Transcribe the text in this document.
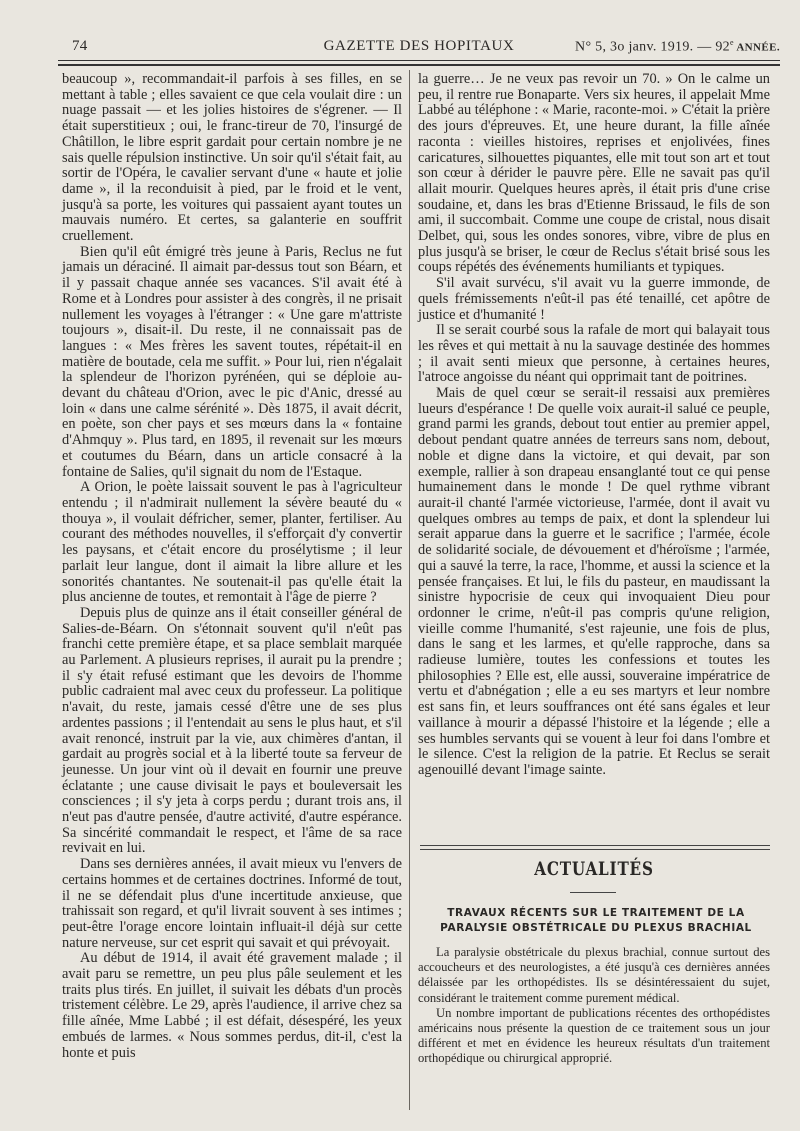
74	GAZETTE DES HOPITAUX	N° 5, 3o janv. 1919. — 92e ANNÉE.

beaucoup », recommandait-il parfois à ses filles, en se mettant à table ; elles savaient ce que cela voulait dire : un nuage passait — et les jolies histoires de s'égrener. — Il était superstitieux ; oui, le franc-tireur de 70, l'insurgé de Châtillon, le libre esprit gardait pour certain nombre je ne sais quelle répulsion instinctive. Un soir qu'il s'était fait, au sortir de l'Opéra, le cavalier servant d'une « haute et jolie dame », il la reconduisit à pied, par le froid et le vent, jusqu'à sa porte, les voitures qui passaient ayant toutes un mauvais numéro. Et certes, sa galanterie en souffrit cruellement.

Bien qu'il eût émigré très jeune à Paris, Reclus ne fut jamais un déraciné. Il aimait par-dessus tout son Béarn, et il y passait chaque année ses vacances. S'il avait été à Rome et à Londres pour assister à des congrès, il ne prisait nullement les voyages à l'étranger : « Une gare m'attriste toujours », disait-il. Du reste, il ne connaissait pas de langues : « Mes frères les savent toutes, répétait-il en matière de boutade, cela me suffit. » Pour lui, rien n'égalait la splendeur de l'horizon pyrénéen, qui se déploie au-devant du château d'Orion, avec le pic d'Anic, dressé au loin « dans une calme sérénité ». Dès 1875, il avait décrit, en poète, son cher pays et ses mœurs dans la « fontaine d'Ahmquy ». Plus tard, en 1895, il revenait sur les mœurs et coutumes du Béarn, dans un article consacré à la fontaine de Salies, qu'il signait du nom de l'Estaque.

A Orion, le poète laissait souvent le pas à l'agriculteur entendu ; il n'admirait nullement la sévère beauté du « thouya », il voulait défricher, semer, planter, fertiliser. Au courant des méthodes nouvelles, il s'efforçait d'y convertir les paysans, et c'était encore du prosélytisme ; il leur parlait leur langue, dont il aimait la libre allure et les sonorités chantantes. Ne soutenait-il pas qu'elle était la plus ancienne de toutes, et remontait à l'âge de pierre ?

Depuis plus de quinze ans il était conseiller général de Salies-de-Béarn. On s'étonnait souvent qu'il n'eût pas franchi cette première étape, et sa place semblait marquée au Parlement. A plusieurs reprises, il aurait pu la prendre ; il s'y était refusé estimant que les devoirs de l'homme public cadraient mal avec ceux du professeur. La politique n'avait, du reste, jamais cessé d'être une de ses plus ardentes passions ; il l'entendait au sens le plus haut, et s'il avait renoncé, instruit par la vie, aux chimères d'antan, il gardait au progrès social et à la liberté toute sa ferveur de jeunesse. Un jour vint où il devait en fournir une preuve éclatante ; une cause divisait le pays et bouleversait les consciences ; il s'y jeta à corps perdu ; durant trois ans, il n'eut pas d'autre pensée, d'autre activité, d'autre espérance. Sa sincérité commandait le respect, et l'âme de sa race revivait en lui.

Dans ses dernières années, il avait mieux vu l'envers de certains hommes et de certaines doctrines. Informé de tout, il ne se défendait plus d'une incertitude anxieuse, que trahissait son regard, et qu'il livrait souvent à ses intimes ; peut-être l'orage encore lointain influait-il déjà sur cette nature nerveuse, sur cet esprit qui savait et qui prévoyait.

Au début de 1914, il avait été gravement malade ; il avait paru se remettre, un peu plus pâle seulement et les traits plus tirés. En juillet, il suivait les débats d'un procès tristement célèbre. Le 29, après l'audience, il arrive chez sa fille aînée, Mme Labbé ; il est défait, désespéré, les yeux embués de larmes. « Nous sommes perdus, dit-il, c'est la honte et puis

la guerre… Je ne veux pas revoir un 70. » On le calme un peu, il rentre rue Bonaparte. Vers six heures, il appelait Mme Labbé au téléphone : « Marie, raconte-moi. » C'était la prière des jours d'épreuves. Et, une heure durant, la fille aînée raconta : vieilles histoires, reprises et enjolivées, fines caricatures, silhouettes piquantes, elle mit tout son art et tout son cœur à dérider le pauvre père. Elle ne savait pas qu'il allait mourir. Quelques heures après, il était pris d'une crise soudaine, et, dans les bras d'Etienne Brissaud, le fils de son ami, il succombait. Comme une coupe de cristal, nous disait Delbet, qui, sous les ondes sonores, vibre, vibre de plus en plus jusqu'à se briser, le cœur de Reclus s'était brisé sous les coups répétés des événements humiliants et typiques.

S'il avait survécu, s'il avait vu la guerre immonde, de quels frémissements n'eût-il pas été tenaillé, cet apôtre de justice et d'humanité !

Il se serait courbé sous la rafale de mort qui balayait tous les rêves et qui mettait à nu la sauvage destinée des hommes ; il avait senti mieux que personne, à certaines heures, l'atroce angoisse du néant qui opprimait tant de poitrines.

Mais de quel cœur se serait-il ressaisi aux premières lueurs d'espérance ! De quelle voix aurait-il salué ce peuple, grand parmi les grands, debout tout entier au premier appel, debout pendant quatre années de terreurs sans nom, debout, noble et digne dans la victoire, et qui devait, par son exemple, rallier à son drapeau ensanglanté tout ce qui pense humainement dans le monde ! De quel rythme vibrant aurait-il chanté l'armée victorieuse, l'armée, dont il avait vu quelques ombres au temps de paix, et dont la splendeur lui serait apparue dans la guerre et le sacrifice ; l'armée, école de solidarité sociale, de dévouement et d'héroïsme ; l'armée, qui a sauvé la terre, la race, l'homme, et aussi la science et la pensée françaises. Et lui, le fils du pasteur, en maudissant la sinistre hypocrisie de ceux qui invoquaient Dieu pour ordonner le crime, n'eût-il pas compris qu'une religion, vieille comme l'humanité, s'est rajeunie, une fois de plus, dans le sang et les larmes, et qu'elle rapproche, dans sa radieuse lumière, toutes les confessions et toutes les philosophies ? Elle est, elle aussi, souveraine impératrice de vertu et d'abnégation ; elle a eu ses martyrs et leur nombre est sans fin, et leurs souffrances ont été sans égales et leur vaillance à mourir a dépassé l'histoire et la légende ; elle a ses humbles servants qui se vouent à leur foi dans l'ombre et le silence. C'est la religion de la patrie. Et Reclus se serait agenouillé devant l'image sainte.

ACTUALITÉS
TRAVAUX RÉCENTS SUR LE TRAITEMENT DE LA PARALYSIE OBSTÉTRICALE DU PLEXUS BRACHIAL

La paralysie obstétricale du plexus brachial, connue surtout des accoucheurs et des neurologistes, a été jusqu'à ces dernières années délaissée par les orthopédistes. Ils se désintéressaient du sujet, considérant le traitement comme purement médical.

Un nombre important de publications récentes des orthopédistes américains nous présente la question de ce traitement sous un jour différent et met en évidence les heureux résultats d'un traitement orthopédique ou chirurgical approprié.
